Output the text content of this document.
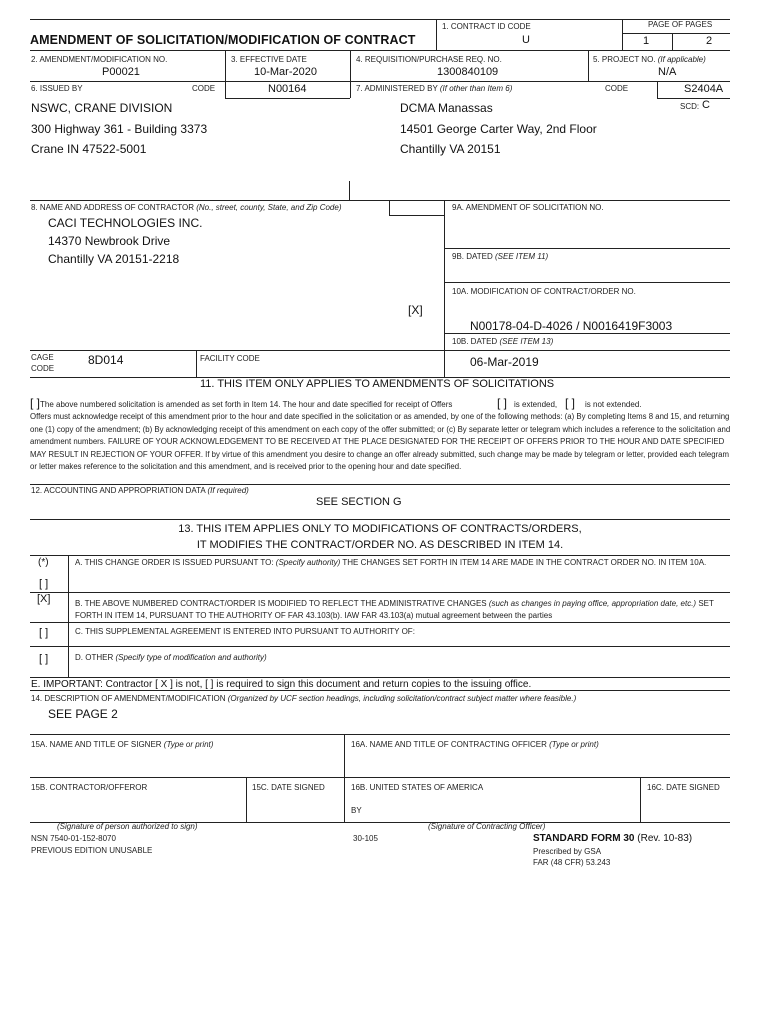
AMENDMENT OF SOLICITATION/MODIFICATION OF CONTRACT
1. CONTRACT ID CODE
U
PAGE OF PAGES
1	2
2. AMENDMENT/MODIFICATION NO.
P00021
3. EFFECTIVE DATE
10-Mar-2020
4. REQUISITION/PURCHASE REQ. NO.
1300840109
5. PROJECT NO. (If applicable)
N/A
6. ISSUED BY	CODE	N00164	7. ADMINISTERED BY (If other than Item 6)	CODE	S2404A
SCD: C
NSWC, CRANE DIVISION
300 Highway 361 - Building 3373
Crane IN 47522-5001
DCMA Manassas
14501 George Carter Way, 2nd Floor
Chantilly VA 20151
8. NAME AND ADDRESS OF CONTRACTOR (No., street, county, State, and Zip Code)
CACI TECHNOLOGIES INC.
14370 Newbrook Drive
Chantilly VA 20151-2218
9A. AMENDMENT OF SOLICITATION NO.
9B. DATED (SEE ITEM 11)
10A. MODIFICATION OF CONTRACT/ORDER NO.
[X]
N00178-04-D-4026 / N0016419F3003
10B. DATED (SEE ITEM 13)
06-Mar-2019
CAGE
CODE
8D014	FACILITY CODE
11. THIS ITEM ONLY APPLIES TO AMENDMENTS OF SOLICITATIONS
[ ] The above numbered solicitation is amended as set forth in Item 14. The hour and date specified for receipt of Offers	[ ] is extended, [ ] is not extended.
Offers must acknowledge receipt of this amendment prior to the hour and date specified in the solicitation or as amended, by one of the following methods: (a) By completing Items 8 and 15, and returning one (1) copy of the amendment; (b) By acknowledging receipt of this amendment on each copy of the offer submitted; or (c) By separate letter or telegram which includes a reference to the solicitation and amendment numbers. FAILURE OF YOUR ACKNOWLEDGEMENT TO BE RECEIVED AT THE PLACE DESIGNATED FOR THE RECEIPT OF OFFERS PRIOR TO THE HOUR AND DATE SPECIFIED MAY RESULT IN REJECTION OF YOUR OFFER. If by virtue of this amendment you desire to change an offer already submitted, such change may be made by telegram or letter, provided each telegram or letter makes reference to the solicitation and this amendment, and is received prior to the opening hour and date specified.
12. ACCOUNTING AND APPROPRIATION DATA (If required)
SEE SECTION G
13. THIS ITEM APPLIES ONLY TO MODIFICATIONS OF CONTRACTS/ORDERS,
IT MODIFIES THE CONTRACT/ORDER NO. AS DESCRIBED IN ITEM 14.
(*)	A. THIS CHANGE ORDER IS ISSUED PURSUANT TO: (Specify authority) THE CHANGES SET FORTH IN ITEM 14 ARE MADE IN THE CONTRACT ORDER NO. IN ITEM 10A.
[ ]
[X]	B. THE ABOVE NUMBERED CONTRACT/ORDER IS MODIFIED TO REFLECT THE ADMINISTRATIVE CHANGES (such as changes in paying office, appropriation date, etc.) SET FORTH IN ITEM 14, PURSUANT TO THE AUTHORITY OF FAR 43.103(b). IAW FAR 43.103(a) mutual agreement between the parties
[ ]	C. THIS SUPPLEMENTAL AGREEMENT IS ENTERED INTO PURSUANT TO AUTHORITY OF:
[ ]	D. OTHER (Specify type of modification and authority)
E. IMPORTANT: Contractor [ X ] is not, [ ] is required to sign this document and return copies to the issuing office.
14. DESCRIPTION OF AMENDMENT/MODIFICATION (Organized by UCF section headings, including solicitation/contract subject matter where feasible.)
SEE PAGE 2
15A. NAME AND TITLE OF SIGNER (Type or print)	16A. NAME AND TITLE OF CONTRACTING OFFICER (Type or print)
15B. CONTRACTOR/OFFEROR	15C. DATE SIGNED	16B. UNITED STATES OF AMERICA	16C. DATE SIGNED
BY
(Signature of person authorized to sign)	(Signature of Contracting Officer)
NSN 7540-01-152-8070
PREVIOUS EDITION UNUSABLE
30-105	STANDARD FORM 30 (Rev. 10-83)
Prescribed by GSA
FAR (48 CFR) 53.243
